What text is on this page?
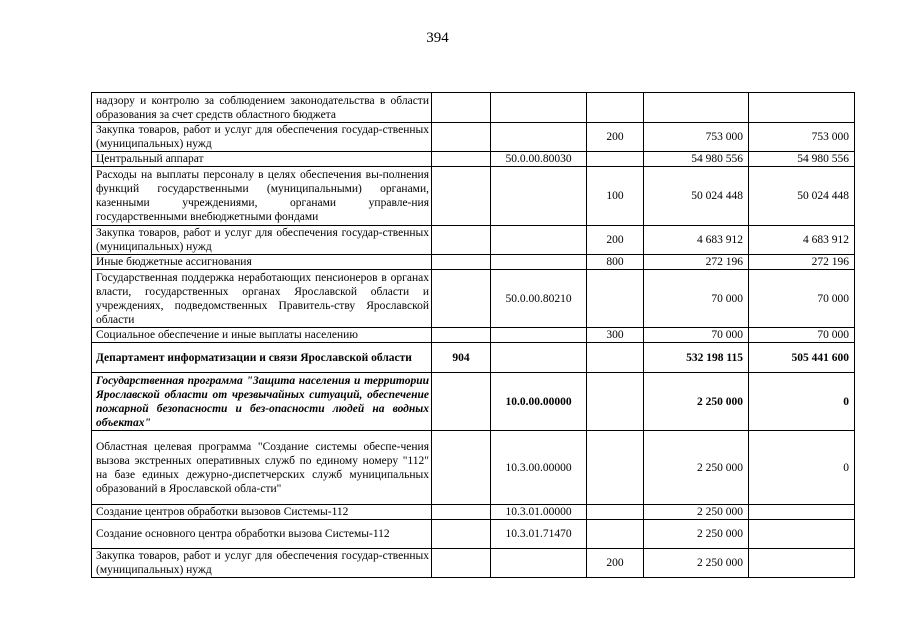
394
надзору и контролю за соблюдением законодательства в области образования за счет средств областного бюджета					
Закупка товаров, работ и услуг для обеспечения государ-ственных (муниципальных) нужд			200	753 000	753 000
Центральный аппарат		50.0.00.80030		54 980 556	54 980 556
Расходы на выплаты персоналу в целях обеспечения вы-полнения функций государственными (муниципальными) органами, казенными учреждениями, органами управле-ния государственными внебюджетными фондами			100	50 024 448	50 024 448
Закупка товаров, работ и услуг для обеспечения государ-ственных (муниципальных) нужд			200	4 683 912	4 683 912
Иные бюджетные ассигнования			800	272 196	272 196
Государственная поддержка неработающих пенсионеров в органах власти, государственных органах Ярославской области и учреждениях, подведомственных Правитель-ству Ярославской области		50.0.00.80210		70 000	70 000
Социальное обеспечение и иные выплаты населению			300	70 000	70 000
Департамент информатизации и связи Ярославской области	904			532 198 115	505 441 600
Государственная программа "Защита населения и территории Ярославской области от чрезвычайных ситуаций, обеспечение пожарной безопасности и без-опасности людей на водных объектах"		10.0.00.00000		2 250 000	0
Областная целевая программа "Создание системы обеспе-чения вызова экстренных оперативных служб по единому номеру "112" на базе единых дежурно-диспетчерских служб муниципальных образований в Ярославской обла-сти"		10.3.00.00000		2 250 000	0
Создание центров обработки вызовов Системы-112		10.3.01.00000		2 250 000	
Создание основного центра обработки вызова Системы-112		10.3.01.71470		2 250 000	
Закупка товаров, работ и услуг для обеспечения государ-ственных (муниципальных) нужд			200	2 250 000	
